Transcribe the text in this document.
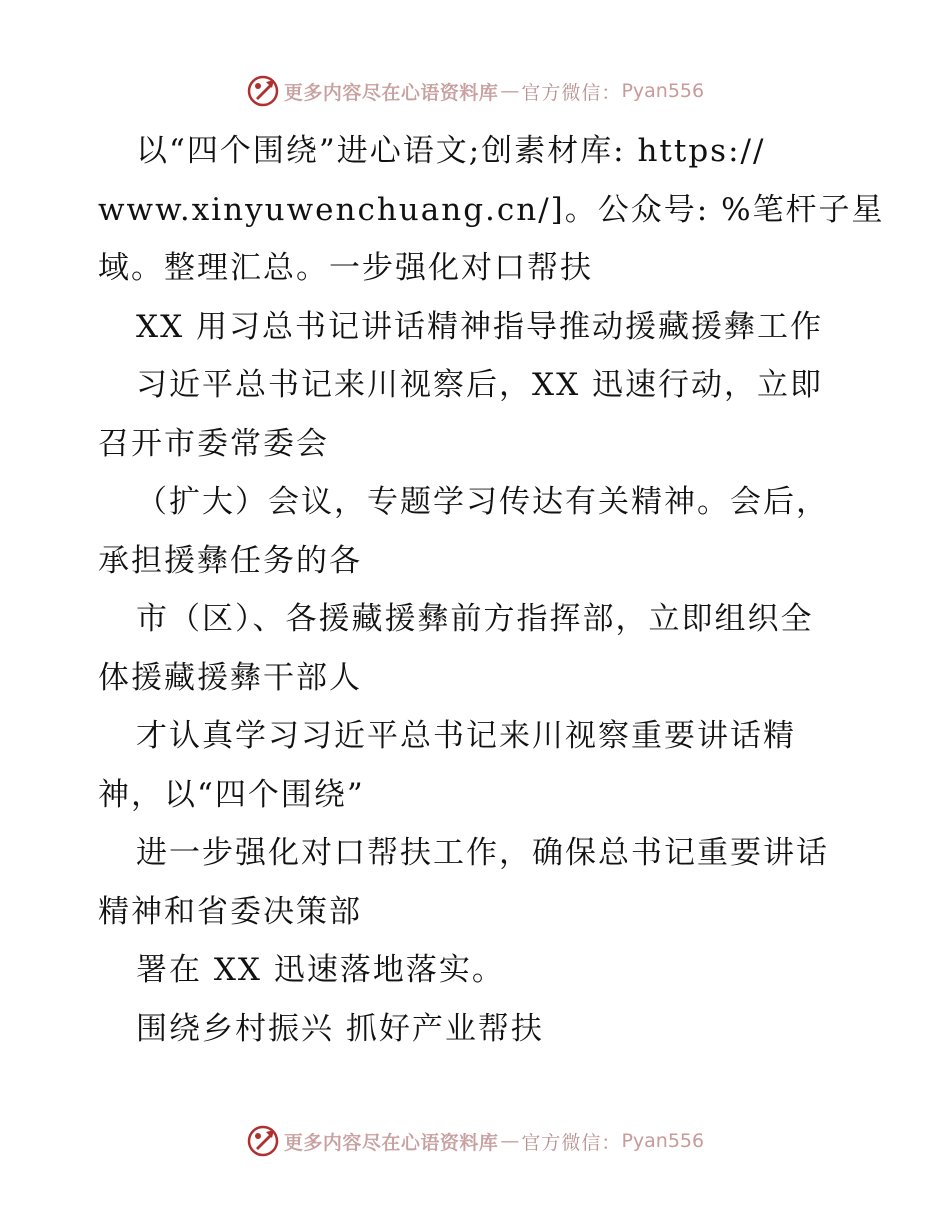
更多内容尽在心语资料库 — 官方微信： Pyan556
以“四个围绕”进心语文;创素材库: https://
www.xinyuwenchuang.cn/]。公众号: %笔杆子星
域。整理汇总。一步强化对口帮扶
XX 用习总书记讲话精神指导推动援藏援彝工作
习近平总书记来川视察后，XX 迅速行动，立即
召开市委常委会
（扩大）会议，专题学习传达有关精神。会后，
承担援彝任务的各
市（区）、各援藏援彝前方指挥部，立即组织全
体援藏援彝干部人
才认真学习习近平总书记来川视察重要讲话精
神，以“四个围绕”
进一步强化对口帮扶工作，确保总书记重要讲话
精神和省委决策部
署在 XX 迅速落地落实。
围绕乡村振兴 抓好产业帮扶
更多内容尽在心语资料库 — 官方微信： Pyan556
